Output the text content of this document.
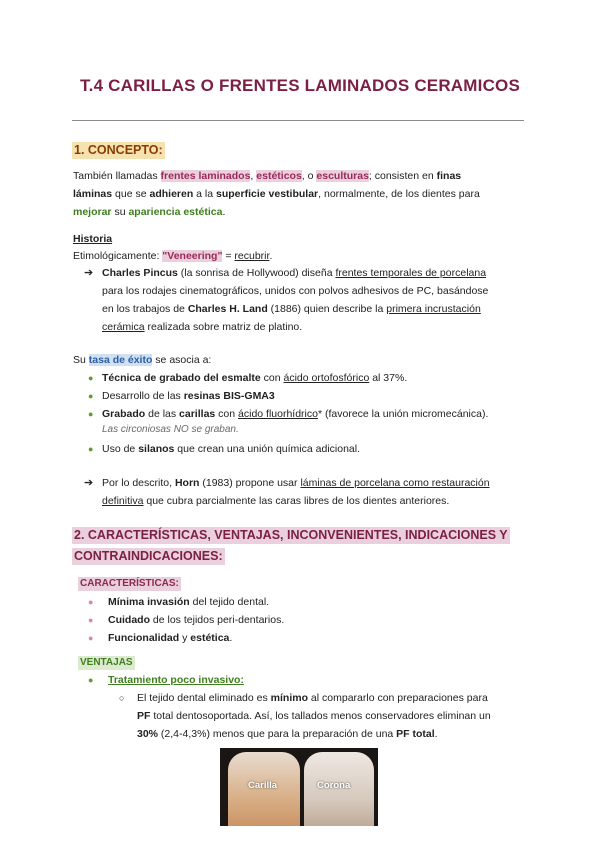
T.4 CARILLAS O FRENTES LAMINADOS CERAMICOS
1. CONCEPTO:
También llamadas frentes laminados, estéticos, o esculturas; consisten en finas
láminas que se adhieren a la superficie vestibular, normalmente, de los dientes para
mejorar su apariencia estética.
Historia
Etimológicamente: "Veneering" = recubrir.
➔ Charles Pincus (la sonrisa de Hollywood) diseña frentes temporales de porcelana
para los rodajes cinematográficos, unidos con polvos adhesivos de PC, basándose
en los trabajos de Charles H. Land (1886) quien describe la primera incrustación
cerámica realizada sobre matriz de platino.
Su tasa de éxito se asocia a:
● Técnica de grabado del esmalte con ácido ortofosfórico al 37%.
● Desarrollo de las resinas BIS-GMA3
● Grabado de las carillas con ácido fluorhídrico* (favorece la unión micromecánica).
Las circoniosas NO se graban.
● Uso de silanos que crean una unión química adicional.
➔ Por lo descrito, Horn (1983) propone usar láminas de porcelana como restauración
definitiva que cubra parcialmente las caras libres de los dientes anteriores.
2. CARACTERÍSTICAS, VENTAJAS, INCONVENIENTES, INDICACIONES Y
CONTRAINDICACIONES:
CARACTERÍSTICAS:
● Mínima invasión del tejido dental.
● Cuidado de los tejidos peri-dentarios.
● Funcionalidad y estética.
VENTAJAS
● Tratamiento poco invasivo:
○ El tejido dental eliminado es mínimo al compararlo con preparaciones para
PF total dentosoportada. Así, los tallados menos conservadores eliminan un
30% (2,4-4,3%) menos que para la preparación de una PF total.
Carilla	Corona
